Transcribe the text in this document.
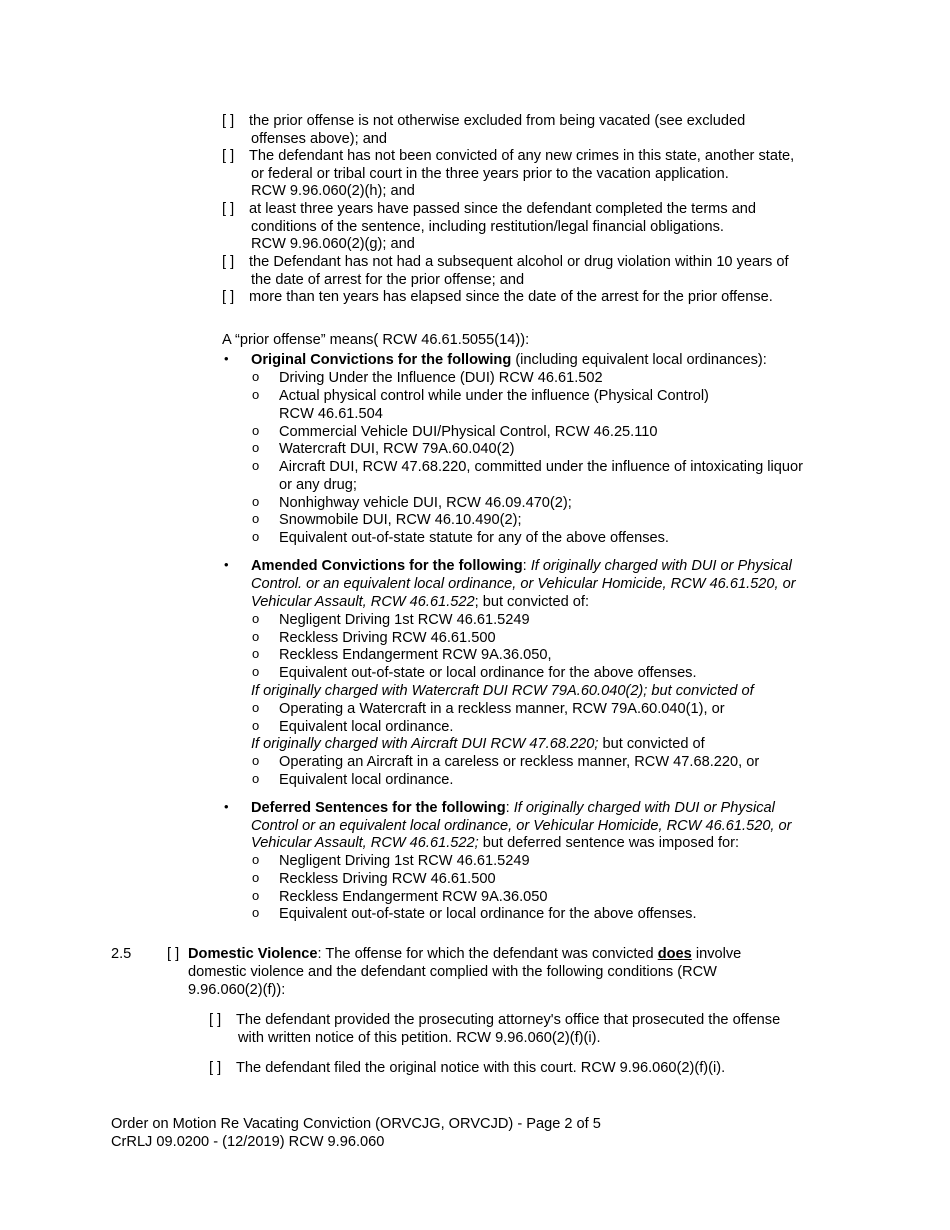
[ ] the prior offense is not otherwise excluded from being vacated (see excluded
offenses above); and
[ ] The defendant has not been convicted of any new crimes in this state, another state,
or federal or tribal court in the three years prior to the vacation application.
RCW 9.96.060(2)(h); and
[ ] at least three years have passed since the defendant completed the terms and
conditions of the sentence, including restitution/legal financial obligations.
RCW 9.96.060(2)(g); and
[ ] the Defendant has not had a subsequent alcohol or drug violation within 10 years of
the date of arrest for the prior offense; and
[ ] more than ten years has elapsed since the date of the arrest for the prior offense.
A “prior offense” means( RCW 46.61.5055(14)):
• Original Convictions for the following (including equivalent local ordinances):
o Driving Under the Influence (DUI) RCW 46.61.502
o Actual physical control while under the influence (Physical Control)
RCW 46.61.504
o Commercial Vehicle DUI/Physical Control, RCW 46.25.110
o Watercraft DUI, RCW 79A.60.040(2)
o Aircraft DUI, RCW 47.68.220, committed under the influence of intoxicating liquor
or any drug;
o Nonhighway vehicle DUI, RCW 46.09.470(2);
o Snowmobile DUI, RCW 46.10.490(2);
o Equivalent out-of-state statute for any of the above offenses.
• Amended Convictions for the following: If originally charged with DUI or Physical
Control. or an equivalent local ordinance, or Vehicular Homicide, RCW 46.61.520, or
Vehicular Assault, RCW 46.61.522; but convicted of:
o Negligent Driving 1st RCW 46.61.5249
o Reckless Driving RCW 46.61.500
o Reckless Endangerment RCW 9A.36.050,
o Equivalent out-of-state or local ordinance for the above offenses.
If originally charged with Watercraft DUI RCW 79A.60.040(2); but convicted of
o Operating a Watercraft in a reckless manner, RCW 79A.60.040(1), or
o Equivalent local ordinance.
If originally charged with Aircraft DUI RCW 47.68.220; but convicted of
o Operating an Aircraft in a careless or reckless manner, RCW 47.68.220, or
o Equivalent local ordinance.
• Deferred Sentences for the following: If originally charged with DUI or Physical
Control or an equivalent local ordinance, or Vehicular Homicide, RCW 46.61.520, or
Vehicular Assault, RCW 46.61.522; but deferred sentence was imposed for:
o Negligent Driving 1st RCW 46.61.5249
o Reckless Driving RCW 46.61.500
o Reckless Endangerment RCW 9A.36.050
o Equivalent out-of-state or local ordinance for the above offenses.
2.5 [ ] Domestic Violence: The offense for which the defendant was convicted does involve
domestic violence and the defendant complied with the following conditions (RCW
9.96.060(2)(f)):
[ ] The defendant provided the prosecuting attorney's office that prosecuted the offense
with written notice of this petition. RCW 9.96.060(2)(f)(i).
[ ] The defendant filed the original notice with this court. RCW 9.96.060(2)(f)(i).
Order on Motion Re Vacating Conviction (ORVCJG, ORVCJD) - Page 2 of 5
CrRLJ 09.0200 - (12/2019) RCW 9.96.060
